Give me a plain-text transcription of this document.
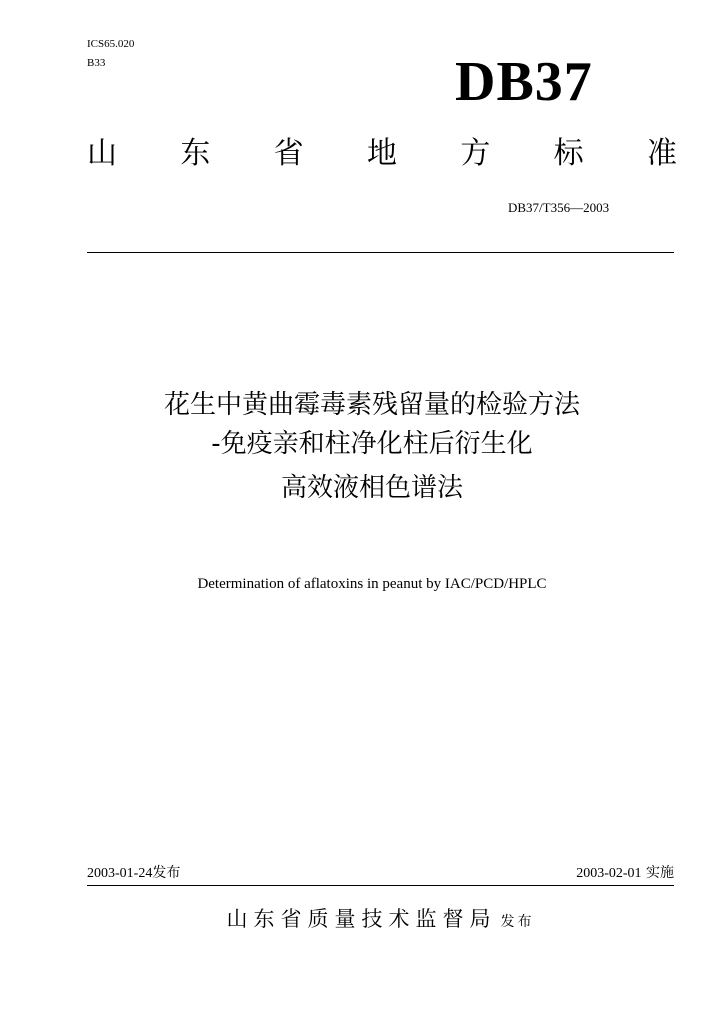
ICS65.020
B33	DB37
山 东 省 地 方 标 准
DB37/T356—2003
花生中黄曲霉毒素残留量的检验方法
-免疫亲和柱净化柱后衍生化
高效液相色谱法
Determination of aflatoxins in peanut by IAC/PCD/HPLC
2003-01-24发布	2003-02-01 实施
山东省质量技术监督局 发布
